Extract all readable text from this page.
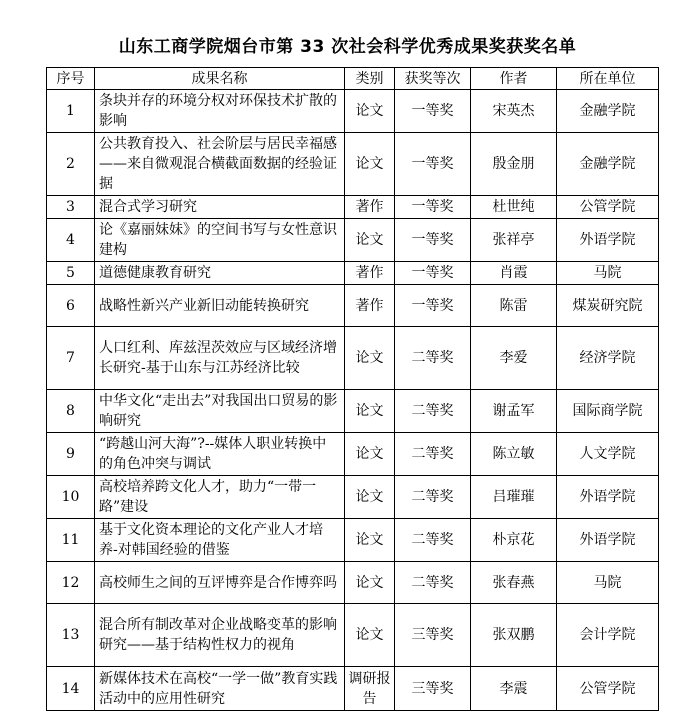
山东工商学院烟台市第 33 次社会科学优秀成果奖获奖名单
序号	成果名称	类别	获奖等次	作者	所在单位
1	条块并存的环境分权对环保技术扩散的影响	论文	一等奖	宋英杰	金融学院
2	公共教育投入、社会阶层与居民幸福感——来自微观混合横截面数据的经验证据	论文	一等奖	殷金朋	金融学院
3	混合式学习研究	著作	一等奖	杜世纯	公管学院
4	论《嘉丽妹妹》的空间书写与女性意识建构	论文	一等奖	张祥亭	外语学院
5	道德健康教育研究	著作	一等奖	肖霞	马院
6	战略性新兴产业新旧动能转换研究	著作	一等奖	陈雷	煤炭研究院
7	人口红利、库兹涅茨效应与区域经济增长研究-基于山东与江苏经济比较	论文	二等奖	李爱	经济学院
8	中华文化“走出去”对我国出口贸易的影响研究	论文	二等奖	谢孟军	国际商学院
9	“跨越山河大海”?--媒体人职业转换中的角色冲突与调试	论文	二等奖	陈立敏	人文学院
10	高校培养跨文化人才，助力“一带一路”建设	论文	二等奖	吕璀璀	外语学院
11	基于文化资本理论的文化产业人才培养-对韩国经验的借鉴	论文	二等奖	朴京花	外语学院
12	高校师生之间的互评博弈是合作博弈吗	论文	二等奖	张春燕	马院
13	混合所有制改革对企业战略变革的影响研究——基于结构性权力的视角	论文	三等奖	张双鹏	会计学院
14	新媒体技术在高校“一学一做”教育实践活动中的应用性研究	调研报告	三等奖	李震	公管学院
